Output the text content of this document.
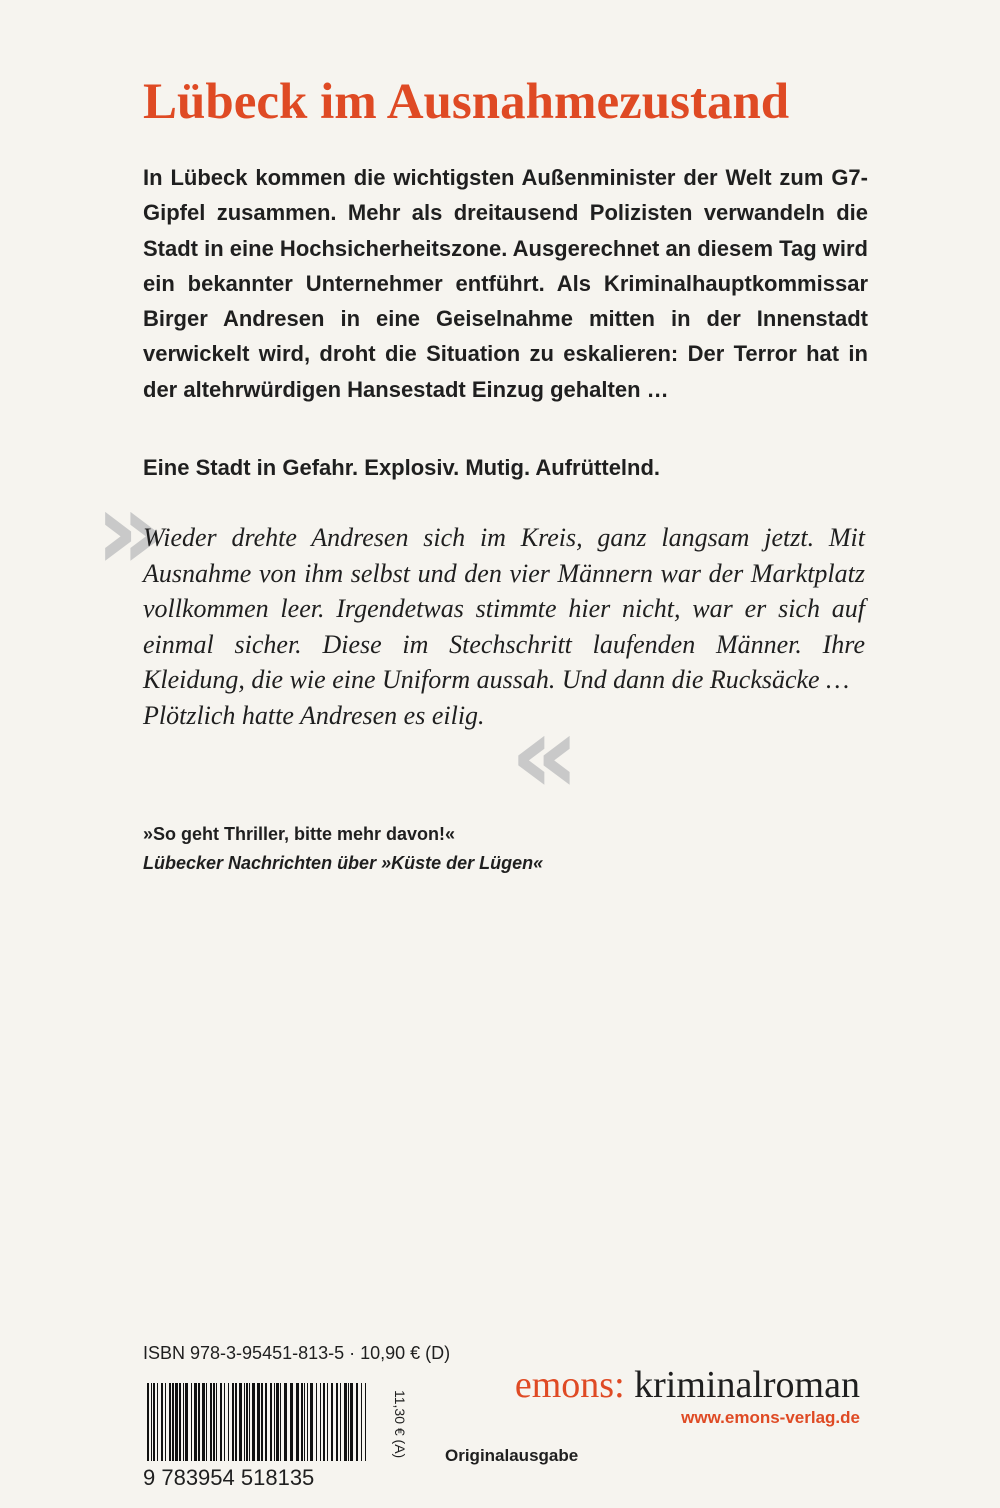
Lübeck im Ausnahmezustand

In Lübeck kommen die wichtigsten Außenminister der Welt zum G7-Gipfel zusammen. Mehr als dreitausend Polizisten verwandeln die Stadt in eine Hochsicherheitszone. Ausgerechnet an diesem Tag wird ein bekannter Unternehmer entführt. Als Kriminalhauptkommissar Birger Andresen in eine Geiselnahme mitten in der Innenstadt verwickelt wird, droht die Situation zu eskalieren: Der Terror hat in der altehrwürdigen Hansestadt Einzug gehalten …

Eine Stadt in Gefahr. Explosiv. Mutig. Aufrüttelnd.

»
«
Wieder drehte Andresen sich im Kreis, ganz langsam jetzt. Mit Ausnahme von ihm selbst und den vier Männern war der Marktplatz vollkommen leer. Irgendetwas stimmte hier nicht, war er sich auf einmal sicher. Diese im Stechschritt laufenden Männer. Ihre Kleidung, die wie eine Uniform aussah. Und dann die Rucksäcke …
Plötzlich hatte Andresen es eilig.
»So geht Thriller, bitte mehr davon!«
Lübecker Nachrichten über »Küste der Lügen«
ISBN 978-3-95451-813-5 · 10,90 € (D)
9 783954 518135
11,30 € (A)
emons: kriminalroman
www.emons-verlag.de
Originalausgabe
